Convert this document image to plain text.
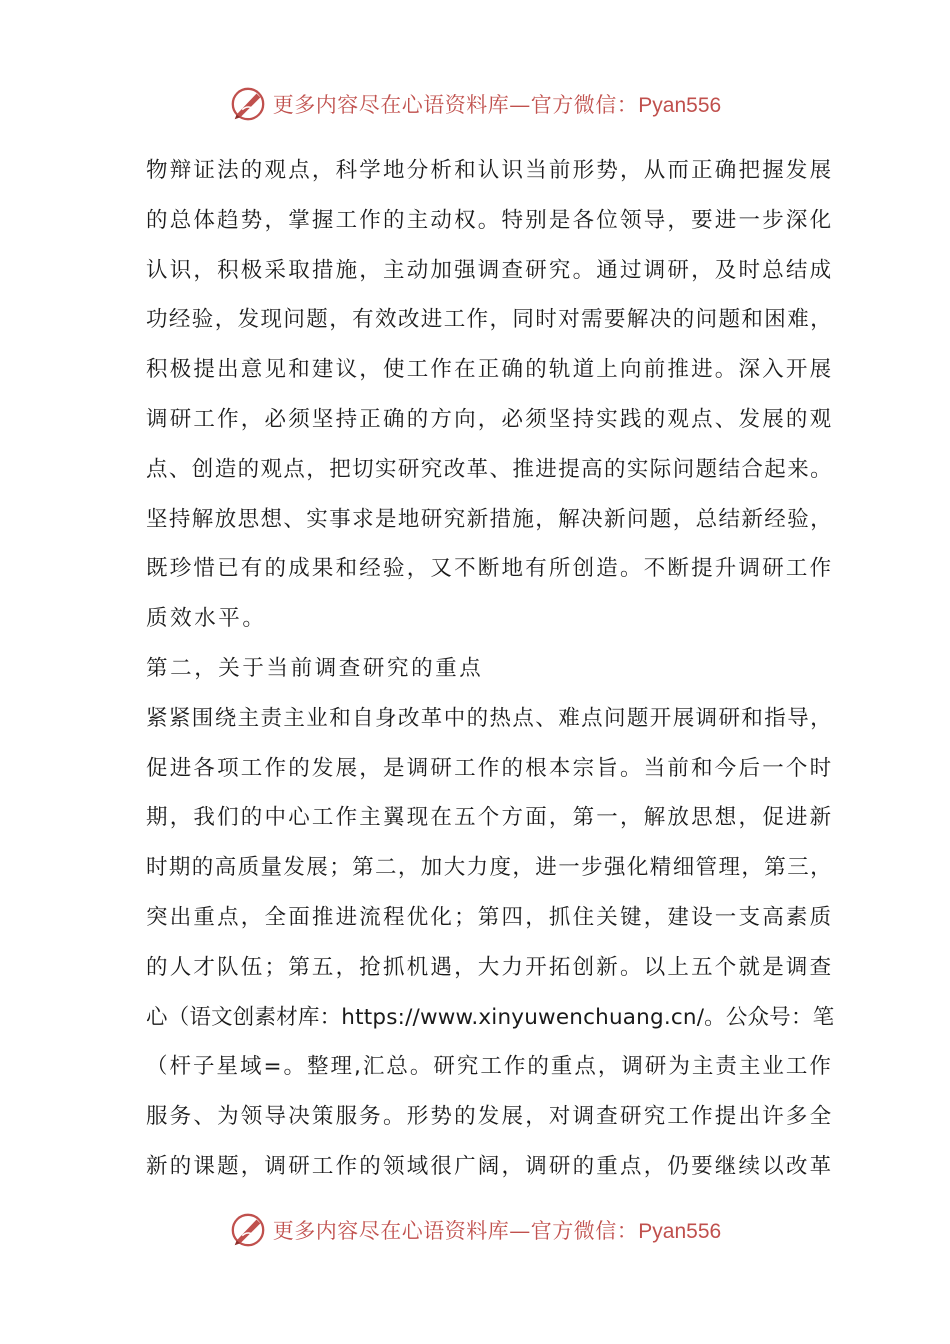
更多内容尽在心语资料库—官方微信：Pyan556
物辩证法的观点，科学地分析和认识当前形势，从而正确把握发展
的总体趋势，掌握工作的主动权。特别是各位领导，要进一步深化
认识，积极采取措施，主动加强调查研究。通过调研，及时总结成
功经验，发现问题，有效改进工作，同时对需要解决的问题和困难，
积极提出意见和建议，使工作在正确的轨道上向前推进。深入开展
调研工作，必须坚持正确的方向，必须坚持实践的观点、发展的观
点、创造的观点，把切实研究改革、推进提高的实际问题结合起来。
坚持解放思想、实事求是地研究新措施，解决新问题，总结新经验，
既珍惜已有的成果和经验，又不断地有所创造。不断提升调研工作
质效水平。
第二，关于当前调查研究的重点
紧紧围绕主责主业和自身改革中的热点、难点问题开展调研和指导，
促进各项工作的发展，是调研工作的根本宗旨。当前和今后一个时
期，我们的中心工作主翼现在五个方面，第一，解放思想，促进新
时期的高质量发展；第二，加大力度，进一步强化精细管理，第三，
突出重点，全面推进流程优化；第四，抓住关键，建设一支高素质
的人才队伍；第五，抢抓机遇，大力开拓创新。以上五个就是调查
心（语文创素材库：https://www.xinyuwenchuang.cn/。公众号：笔
（杆子星域=。整理,汇总。研究工作的重点，调研为主责主业工作
服务、为领导决策服务。形势的发展，对调查研究工作提出许多全
新的课题，调研工作的领域很广阔，调研的重点，仍要继续以改革
更多内容尽在心语资料库—官方微信：Pyan556
